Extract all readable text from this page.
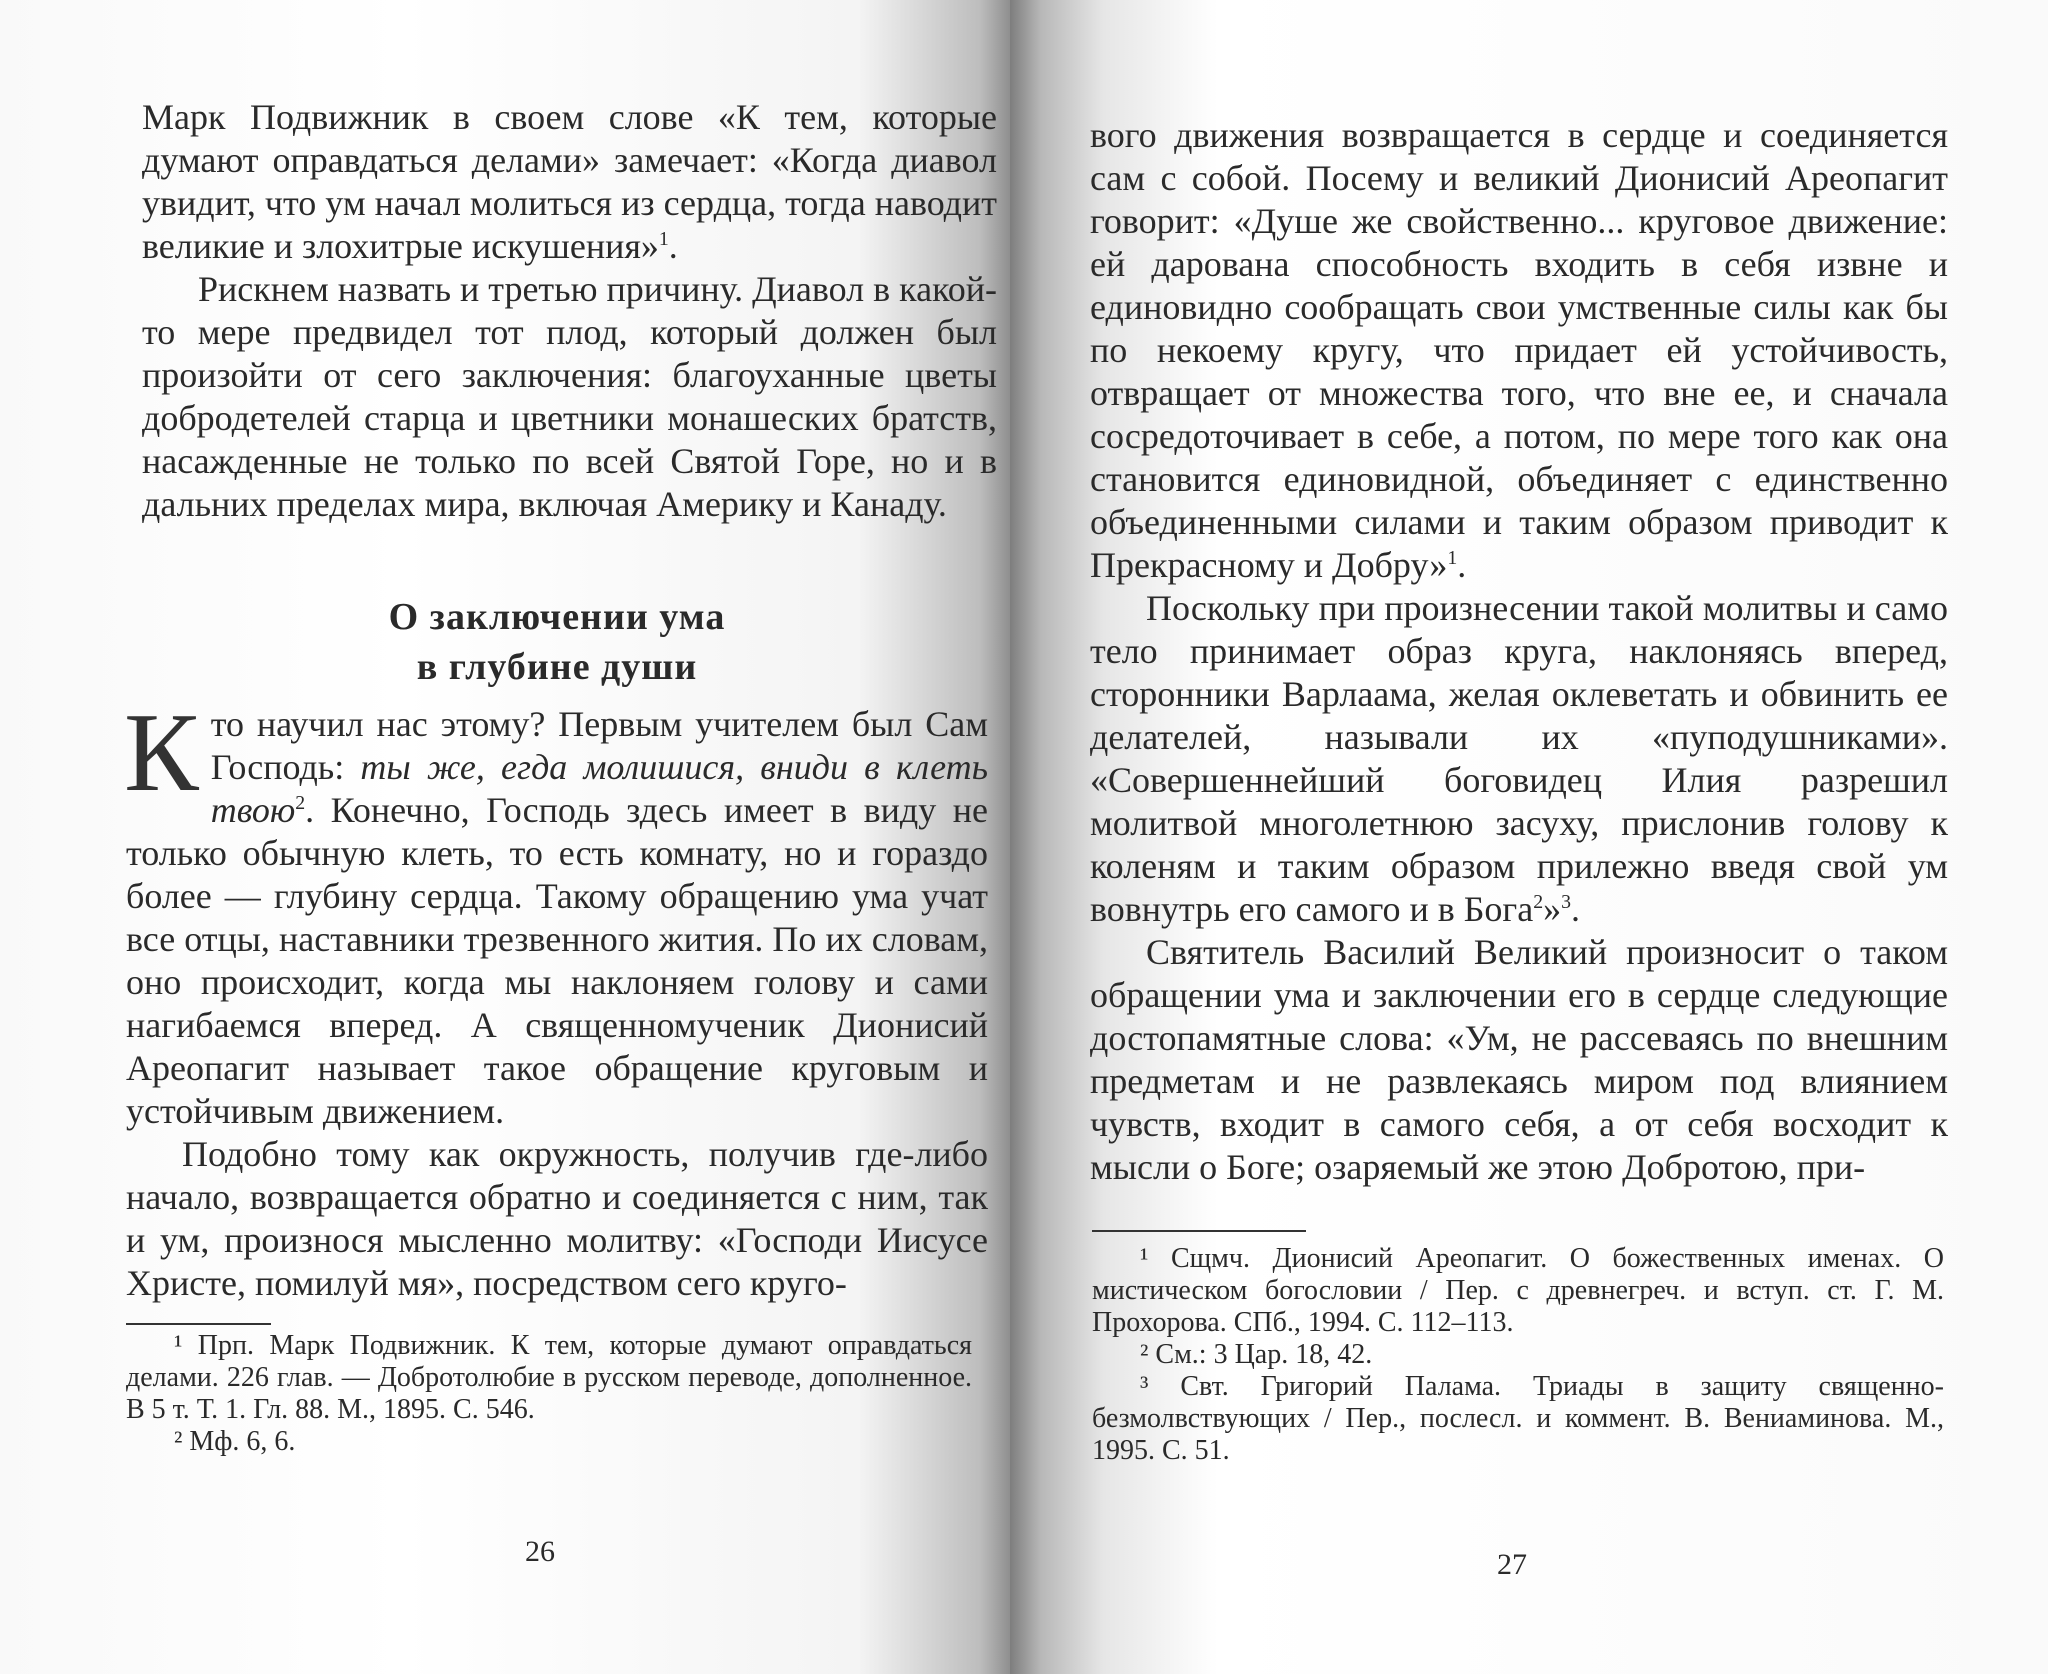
Марк Подвижник в своем слове «К тем, которые думают оправдаться делами» замечает: «Когда диавол увидит, что ум начал молиться из сердца, тогда наводит великие и злохитрые искушения»$^1$.

Рискнем назвать и третью причину. Диавол в какой-то мере предвидел тот плод, который должен был произойти от сего заключения: благоуханные цветы добродетелей старца и цветники монашеских братств, насажденные не только по всей Святой Горе, но и в дальних пределах мира, включая Америку и Канаду.

О заключении ума
в глубине души

Кто научил нас этому? Первым учителем был Сам Господь: ты же, егда молишися, вниди в клеть твою$^2$. Конечно, Господь здесь имеет в виду не только обычную клеть, то есть комнату, но и гораздо более — глубину сердца. Такому обращению ума учат все отцы, наставники трезвенного жития. По их словам, оно происходит, когда мы наклоняем голову и сами нагибаемся вперед. А священномученик Дионисий Ареопагит называет такое обращение круговым и устойчивым движением.

Подобно тому как окружность, получив где-либо начало, возвращается обратно и соединяется с ним, так и ум, произнося мысленно молитву: «Господи Иисусе Христе, помилуй мя», посредством сего круго-

¹ Прп. Марк Подвижник. К тем, которые думают оправдаться делами. 226 глав. — Добротолюбие в русском переводе, дополненное. В 5 т. Т. 1. Гл. 88. М., 1895. С. 546.

² Мф. 6, 6.

26

вого движения возвращается в сердце и соединяется сам с собой. Посему и великий Дионисий Ареопагит говорит: «Душе же свойственно... круговое движение: ей дарована способность входить в себя извне и единовидно сообращать свои умственные силы как бы по некоему кругу, что придает ей устойчивость, отвращает от множества того, что вне ее, и сначала сосредоточивает в себе, а потом, по мере того как она становится единовидной, объединяет с единственно объединенными силами и таким образом приводит к Прекрасному и Добру»$^1$.

Поскольку при произнесении такой молитвы и само тело принимает образ круга, наклоняясь вперед, сторонники Варлаама, желая оклеветать и обвинить ее делателей, называли их «пуподушниками». «Совершеннейший боговидец Илия разрешил молитвой многолетнюю засуху, прислонив голову к коленям и таким образом прилежно введя свой ум вовнутрь его самого и в Бога$^2$»$^3$.

Святитель Василий Великий произносит о таком обращении ума и заключении его в сердце следующие достопамятные слова: «Ум, не рассеваясь по внешним предметам и не развлекаясь миром под влиянием чувств, входит в самого себя, а от себя восходит к мысли о Боге; озаряемый же этою Добротою, при-

¹ Сщмч. Дионисий Ареопагит. О божественных именах. О мистическом богословии / Пер. с древнегреч. и вступ. ст. Г. М. Прохорова. СПб., 1994. С. 112–113.

² См.: 3 Цар. 18, 42.

³ Свт. Григорий Палама. Триады в защиту священно-безмолвствующих / Пер., послесл. и коммент. В. Вениаминова. М., 1995. С. 51.

27
